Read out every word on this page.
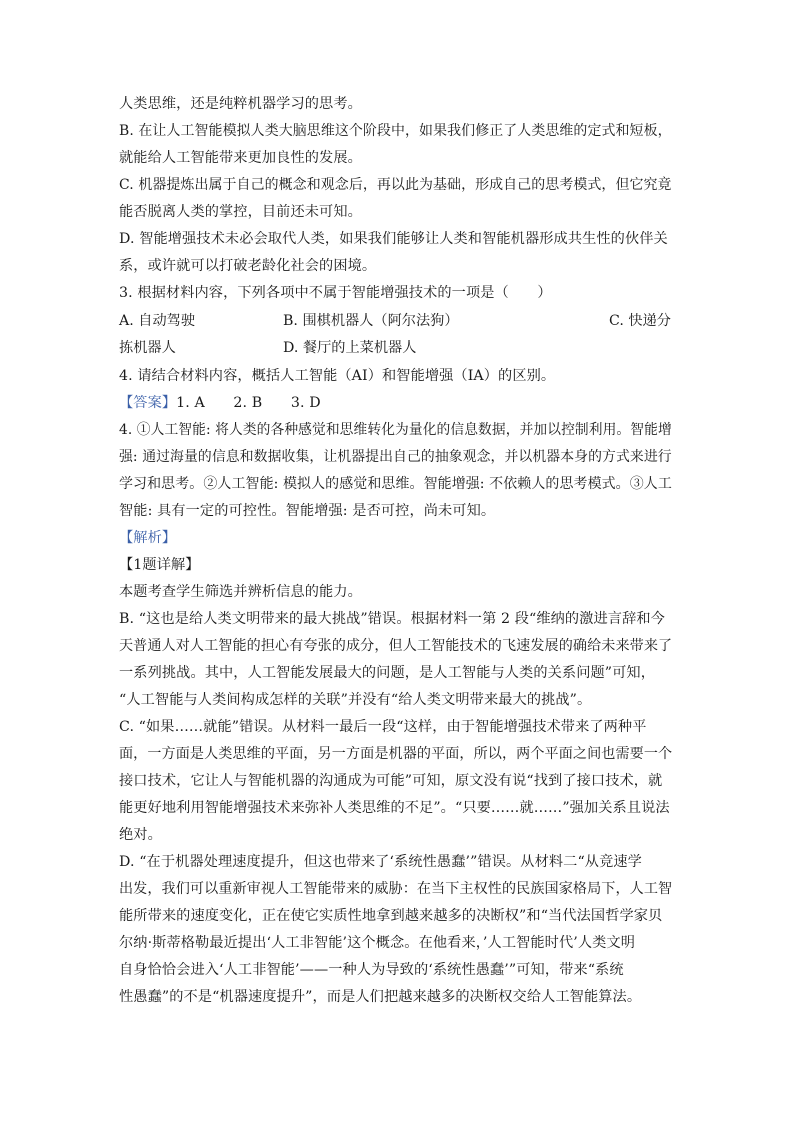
人类思维，还是纯粹机器学习的思考。
B. 在让人工智能模拟人类大脑思维这个阶段中，如果我们修正了人类思维的定式和短板，
就能给人工智能带来更加良性的发展。
C. 机器提炼出属于自己的概念和观念后，再以此为基础，形成自己的思考模式，但它究竟
能否脱离人类的掌控，目前还未可知。
D. 智能增强技术未必会取代人类，如果我们能够让人类和智能机器形成共生性的伙伴关
系，或许就可以打破老龄化社会的困境。
3. 根据材料内容，下列各项中不属于智能增强技术的一项是（　　）
A. 自动驾驶	B. 围棋机器人（阿尔法狗）	C. 快递分
拣机器人	D. 餐厅的上菜机器人
4. 请结合材料内容，概括人工智能（AI）和智能增强（IA）的区别。
【答案】1. A　　2. B　　3. D
4. ①人工智能: 将人类的各种感觉和思维转化为量化的信息数据，并加以控制利用。智能增
强: 通过海量的信息和数据收集，让机器提出自己的抽象观念，并以机器本身的方式来进行
学习和思考。②人工智能: 模拟人的感觉和思维。智能增强: 不依赖人的思考模式。③人工
智能: 具有一定的可控性。智能增强: 是否可控，尚未可知。
【解析】
【1题详解】
本题考查学生筛选并辨析信息的能力。
B. “这也是给人类文明带来的最大挑战”错误。根据材料一第 2 段“维纳的激进言辞和今
天普通人对人工智能的担心有夸张的成分，但人工智能技术的飞速发展的确给未来带来了
一系列挑战。其中，人工智能发展最大的问题，是人工智能与人类的关系问题”可知，
“人工智能与人类间构成怎样的关联”并没有“给人类文明带来最大的挑战”。
C. “如果……就能”错误。从材料一最后一段“这样，由于智能增强技术带来了两种平
面，一方面是人类思维的平面，另一方面是机器的平面，所以，两个平面之间也需要一个
接口技术，它让人与智能机器的沟通成为可能”可知，原文没有说“找到了接口技术，就
能更好地利用智能增强技术来弥补人类思维的不足”。“只要……就……”强加关系且说法
绝对。
D. “在于机器处理速度提升，但这也带来了‘系统性愚蠢’”错误。从材料二“从竞速学
出发，我们可以重新审视人工智能带来的威胁：在当下主权性的民族国家格局下，人工智
能所带来的速度变化，正在使它实质性地拿到越来越多的决断权”和“当代法国哲学家贝
尔纳·斯蒂格勒最近提出‘人工非智能’这个概念。在他看来，’人工智能时代’人类文明
自身恰恰会进入‘人工非智能’——一种人为导致的‘系统性愚蠢’”可知，带来“系统
性愚蠢”的不是“机器速度提升”，而是人们把越来越多的决断权交给人工智能算法。
